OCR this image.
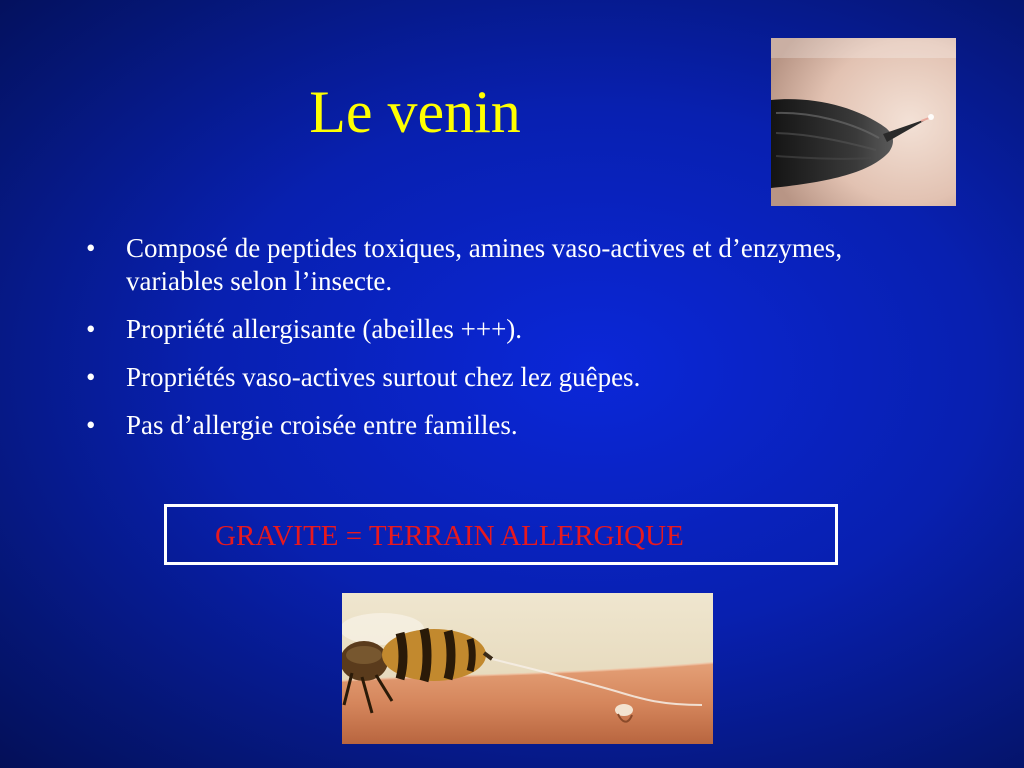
Le venin
• Composé de peptides toxiques, amines vaso-actives et d’enzymes, variables selon l’insecte.
• Propriété allergisante (abeilles +++).
• Propriétés vaso-actives surtout chez lez guêpes.
• Pas d’allergie croisée entre familles.
GRAVITE = TERRAIN ALLERGIQUE
